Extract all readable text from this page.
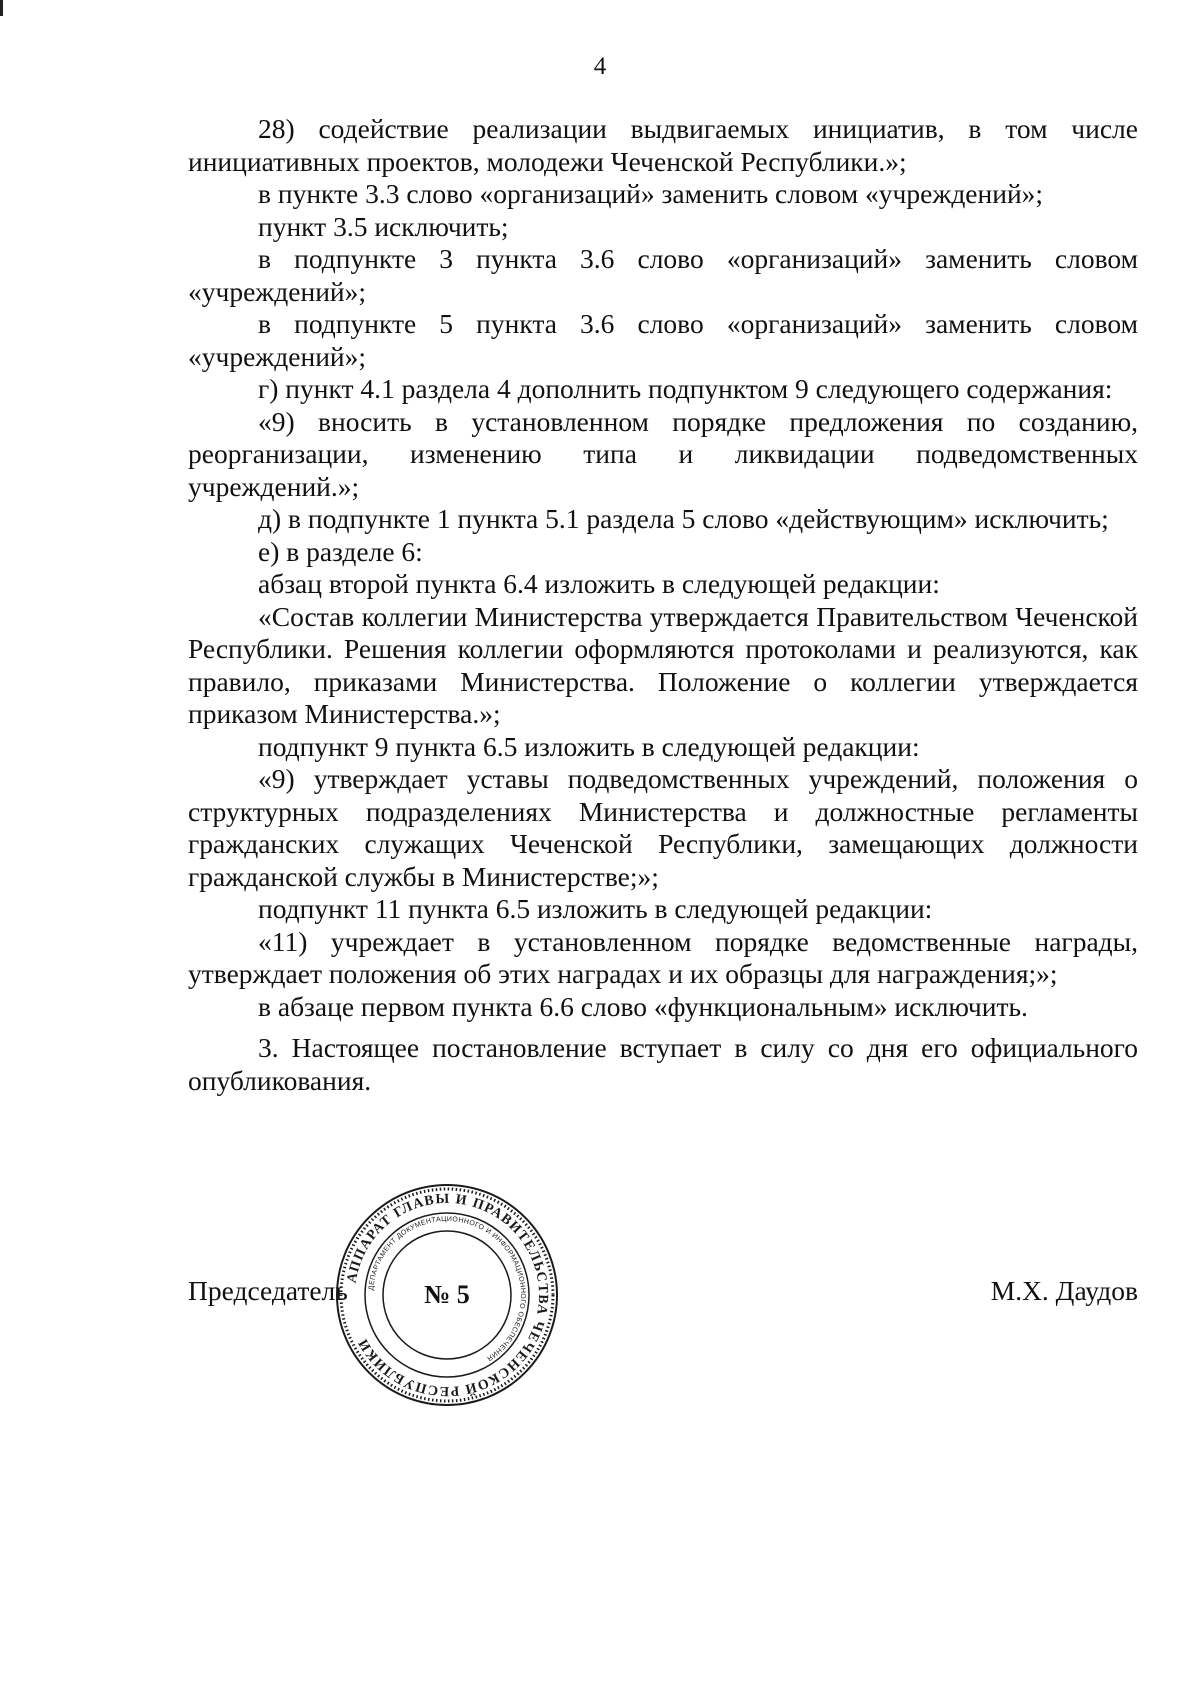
4

28) содействие реализации выдвигаемых инициатив, в том числе инициативных проектов, молодежи Чеченской Республики.»;

в пункте 3.3 слово «организаций» заменить словом «учреждений»;

пункт 3.5 исключить;

в подпункте 3 пункта 3.6 слово «организаций» заменить словом «учреждений»;

в подпункте 5 пункта 3.6 слово «организаций» заменить словом «учреждений»;

г) пункт 4.1 раздела 4 дополнить подпунктом 9 следующего содержания:

«9) вносить в установленном порядке предложения по созданию, реорганизации, изменению типа и ликвидации подведомственных учреждений.»;

д) в подпункте 1 пункта 5.1 раздела 5 слово «действующим» исключить;

е) в разделе 6:

абзац второй пункта 6.4 изложить в следующей редакции:

«Состав коллегии Министерства утверждается Правительством Чеченской Республики. Решения коллегии оформляются протоколами и реализуются, как правило, приказами Министерства. Положение о коллегии утверждается приказом Министерства.»;

подпункт 9 пункта 6.5 изложить в следующей редакции:

«9) утверждает уставы подведомственных учреждений, положения о структурных подразделениях Министерства и должностные регламенты гражданских служащих Чеченской Республики, замещающих должности гражданской службы в Министерстве;»;

подпункт 11 пункта 6.5 изложить в следующей редакции:

«11) учреждает в установленном порядке ведомственные награды, утверждает положения об этих наградах и их образцы для награждения;»;

в абзаце первом пункта 6.6 слово «функциональным» исключить.

3. Настоящее постановление вступает в силу со дня его официального опубликования.

Председатель	М.Х. Даудов
АППАРАТ ГЛАВЫ И ПРАВИТЕЛЬСТВА ЧЕЧЕНСКОЙ РЕСПУБЛИКИ
ДЕПАРТАМЕНТ ДОКУМЕНТАЦИОННОГО И ИНФОРМАЦИОННОГО ОБЕСПЕЧЕНИЯ
№ 5
